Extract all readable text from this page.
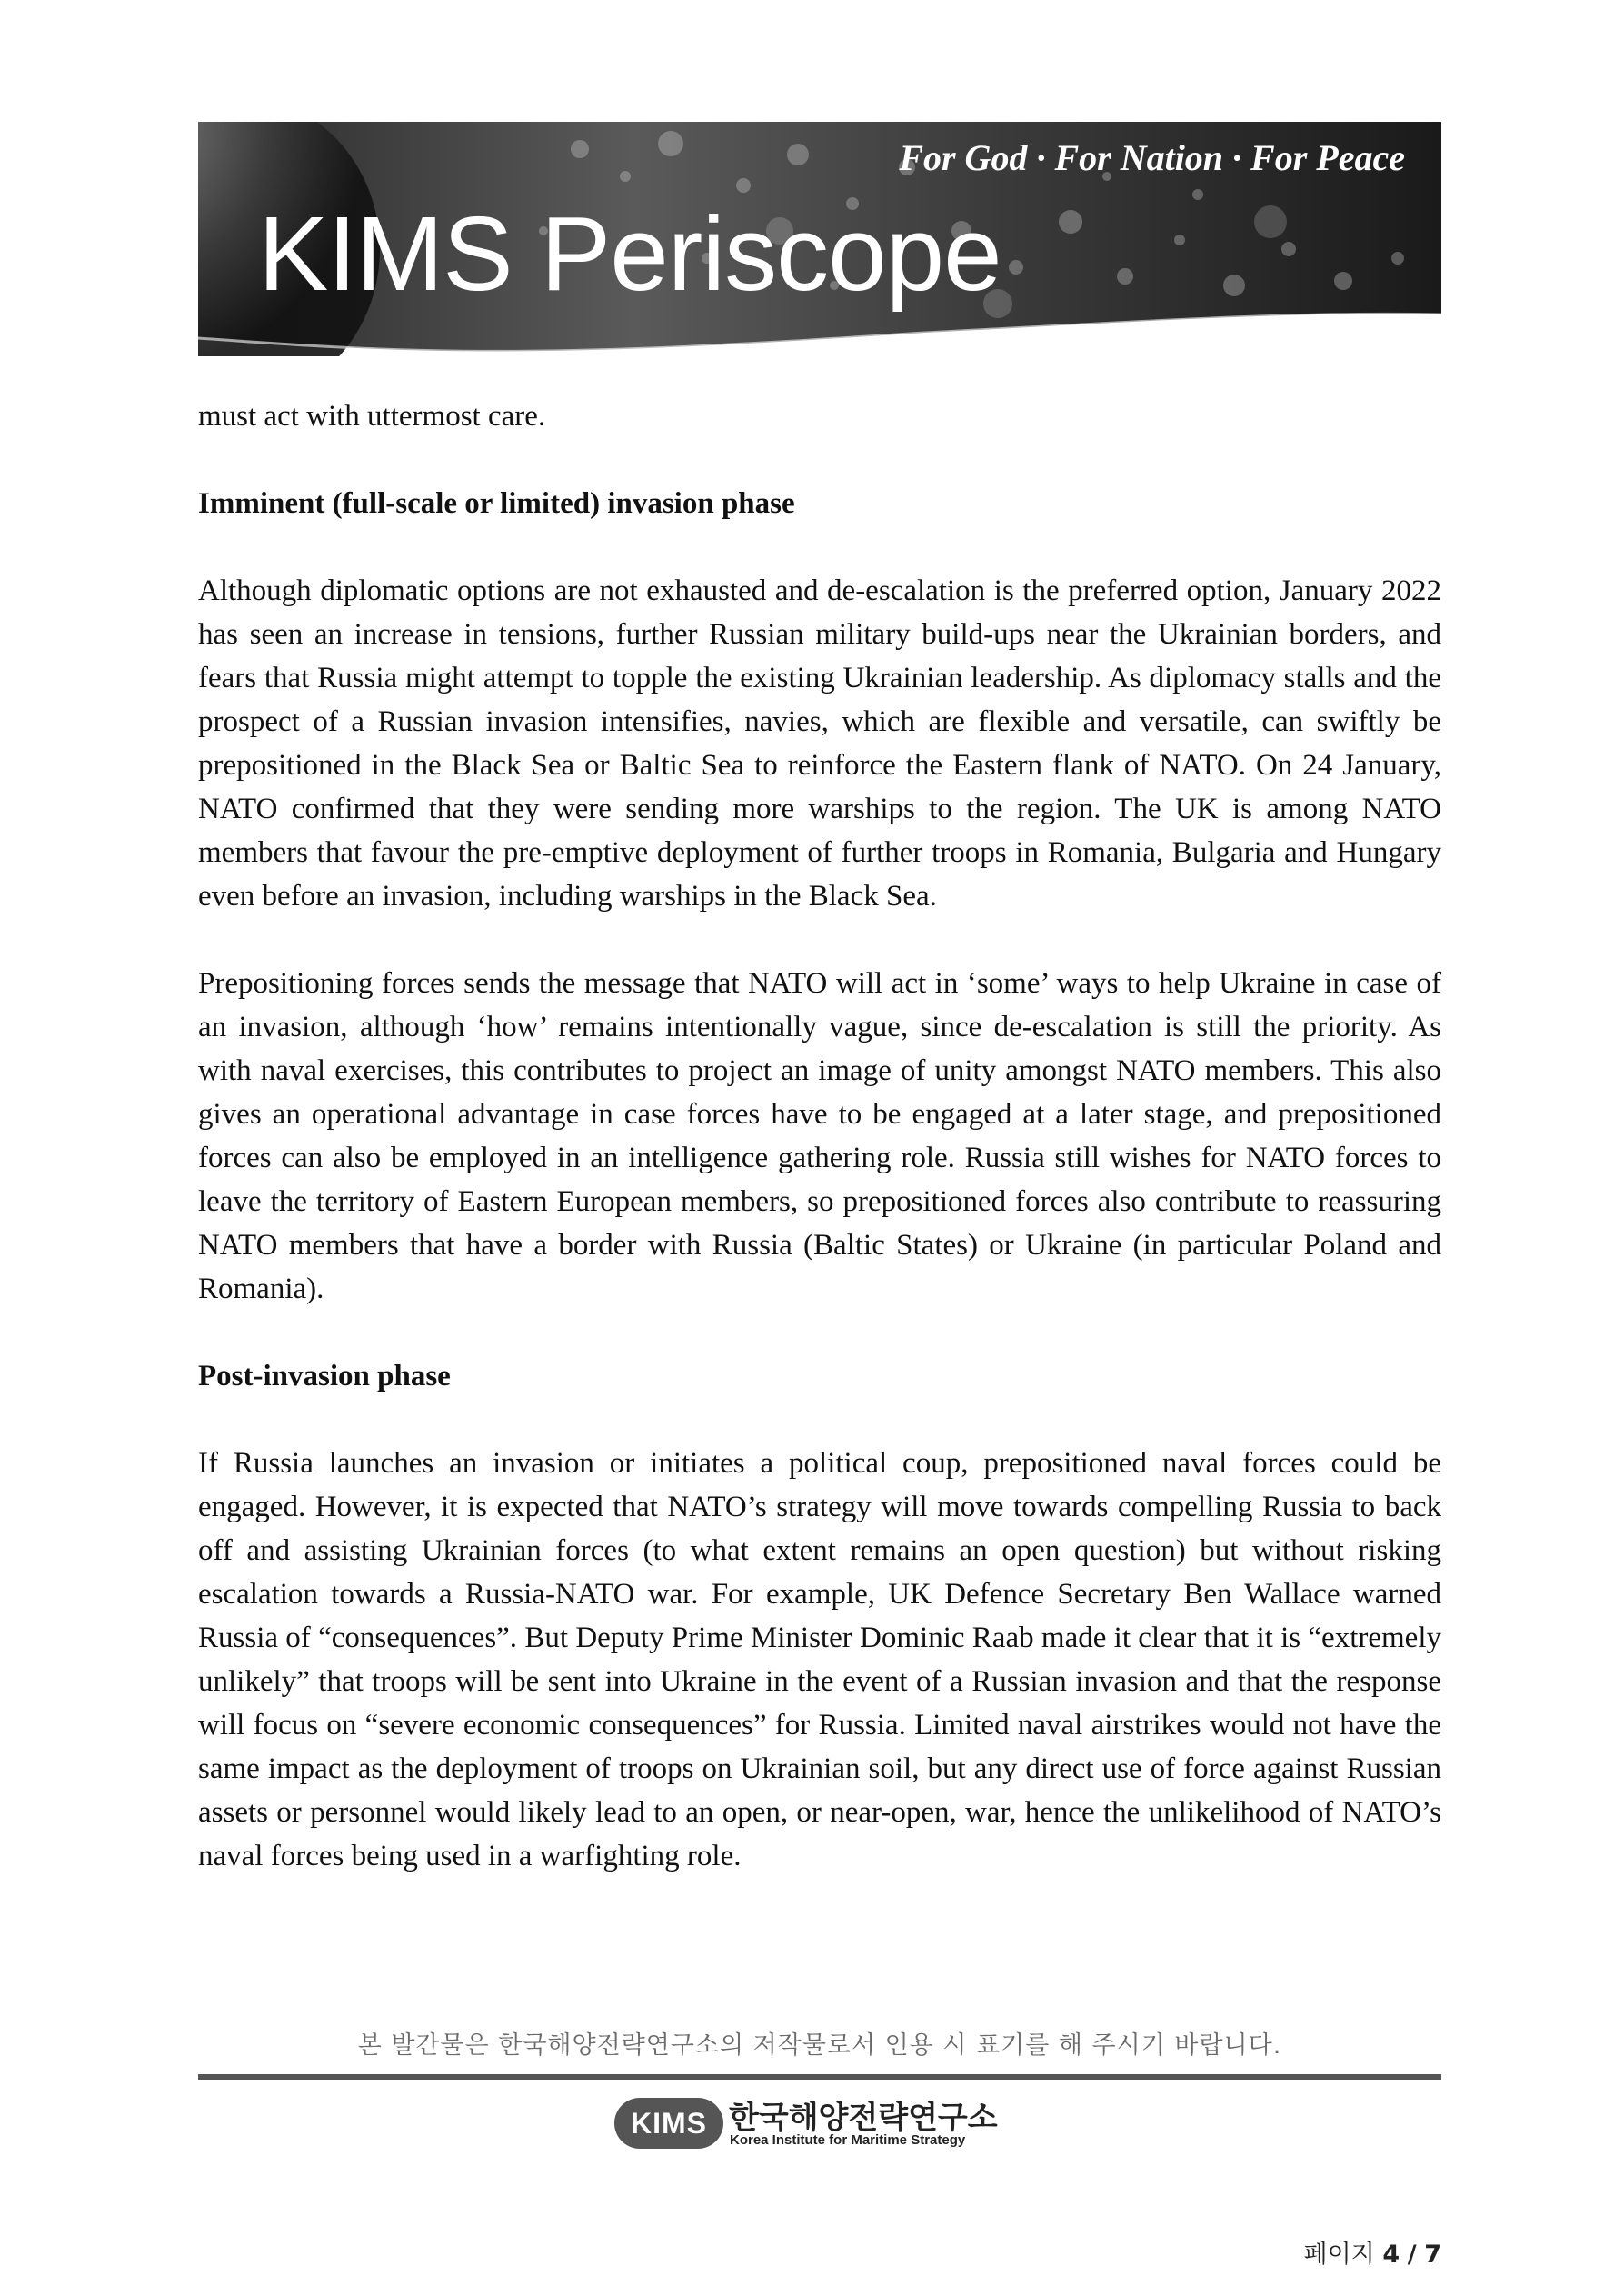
For God · For Nation · For Peace
KIMS Periscope

must act with uttermost care.

Imminent (full-scale or limited) invasion phase

Although diplomatic options are not exhausted and de-escalation is the preferred option, January 2022 has seen an increase in tensions, further Russian military build-ups near the Ukrainian borders, and fears that Russia might attempt to topple the existing Ukrainian leadership. As diplomacy stalls and the prospect of a Russian invasion intensifies, navies, which are flexible and versatile, can swiftly be prepositioned in the Black Sea or Baltic Sea to reinforce the Eastern flank of NATO. On 24 January, NATO confirmed that they were sending more warships to the region. The UK is among NATO members that favour the pre-emptive deployment of further troops in Romania, Bulgaria and Hungary even before an invasion, including warships in the Black Sea.

Prepositioning forces sends the message that NATO will act in ‘some’ ways to help Ukraine in case of an invasion, although ‘how’ remains intentionally vague, since de-escalation is still the priority. As with naval exercises, this contributes to project an image of unity amongst NATO members. This also gives an operational advantage in case forces have to be engaged at a later stage, and prepositioned forces can also be employed in an intelligence gathering role. Russia still wishes for NATO forces to leave the territory of Eastern European members, so prepositioned forces also contribute to reassuring NATO members that have a border with Russia (Baltic States) or Ukraine (in particular Poland and Romania).

Post-invasion phase

If Russia launches an invasion or initiates a political coup, prepositioned naval forces could be engaged. However, it is expected that NATO’s strategy will move towards compelling Russia to back off and assisting Ukrainian forces (to what extent remains an open question) but without risking escalation towards a Russia-NATO war. For example, UK Defence Secretary Ben Wallace warned Russia of “consequences”. But Deputy Prime Minister Dominic Raab made it clear that it is “extremely unlikely” that troops will be sent into Ukraine in the event of a Russian invasion and that the response will focus on “severe economic consequences” for Russia. Limited naval airstrikes would not have the same impact as the deployment of troops on Ukrainian soil, but any direct use of force against Russian assets or personnel would likely lead to an open, or near-open, war, hence the unlikelihood of NATO’s naval forces being used in a warfighting role.

본 발간물은 한국해양전략연구소의 저작물로서 인용 시 표기를 해 주시기 바랍니다.
KIMS 한국해양전략연구소
Korea Institute for Maritime Strategy
페이지 4 / 7
